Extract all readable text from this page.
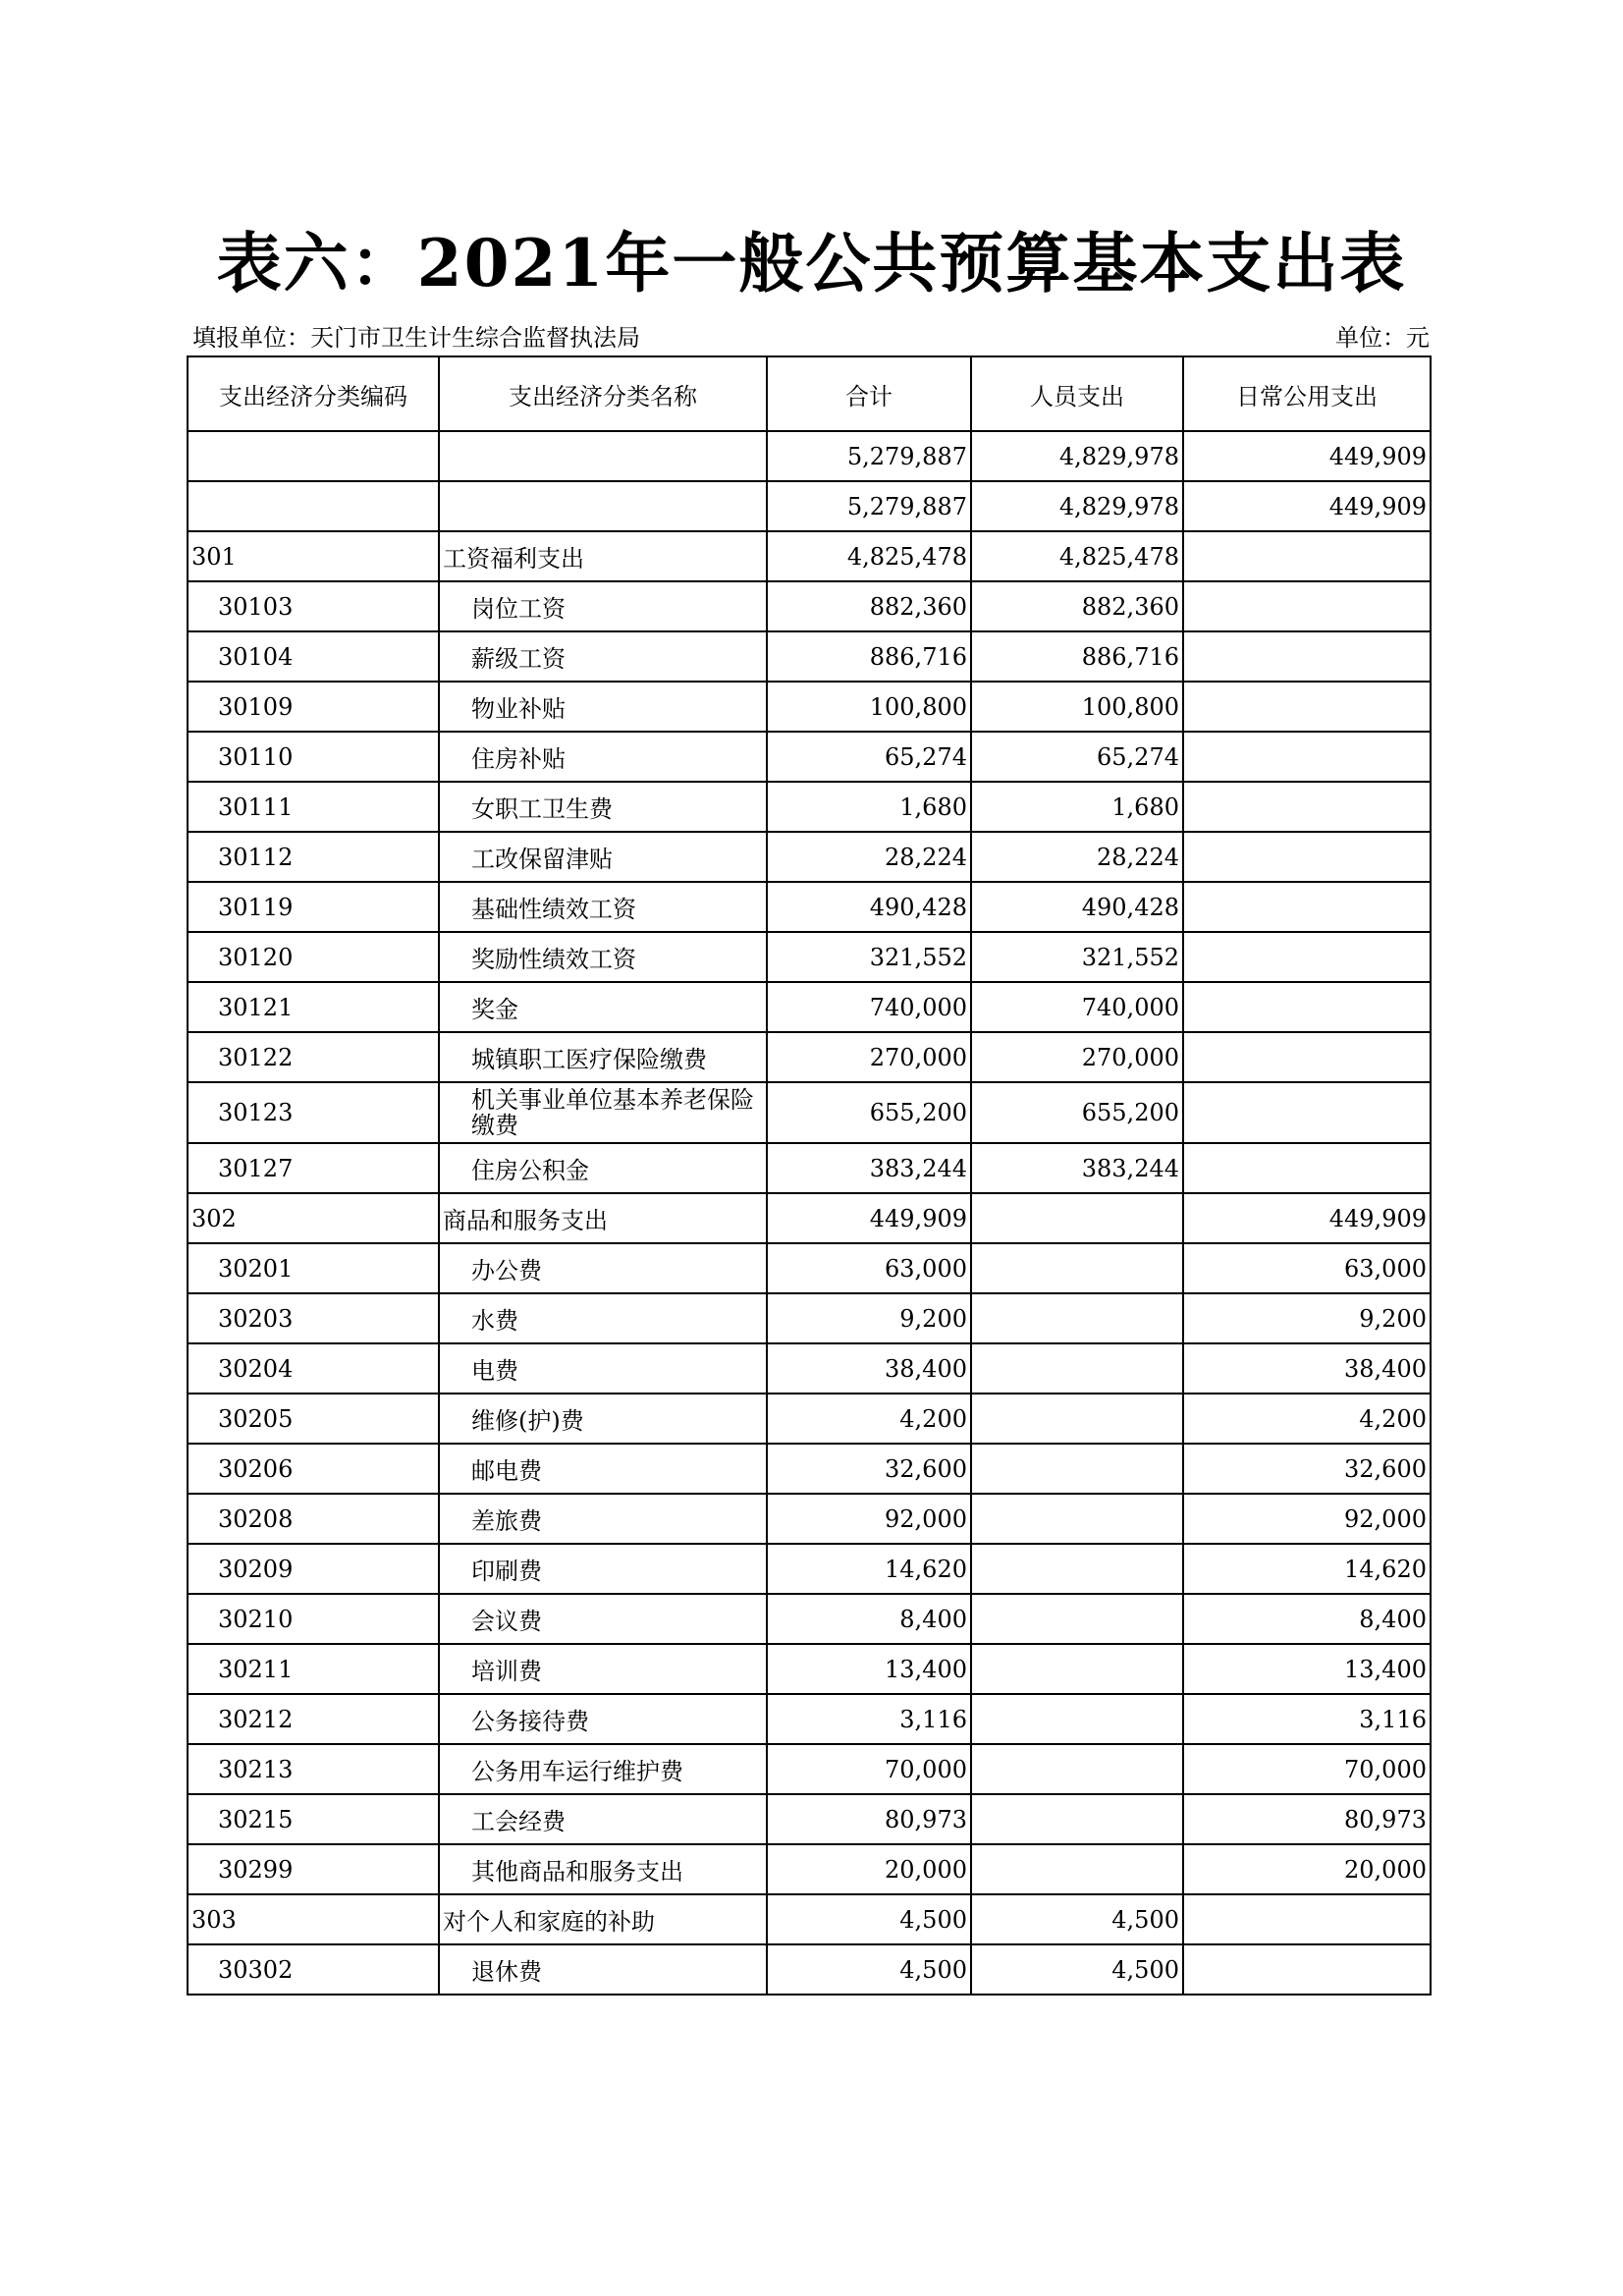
表六：2021年一般公共预算基本支出表
填报单位：天门市卫生计生综合监督执法局	单位：元
支出经济分类编码	支出经济分类名称	合计	人员支出	日常公用支出
		5,279,887	4,829,978	449,909
		5,279,887	4,829,978	449,909
301	工资福利支出	4,825,478	4,825,478	
30103	岗位工资	882,360	882,360	
30104	薪级工资	886,716	886,716	
30109	物业补贴	100,800	100,800	
30110	住房补贴	65,274	65,274	
30111	女职工卫生费	1,680	1,680	
30112	工改保留津贴	28,224	28,224	
30119	基础性绩效工资	490,428	490,428	
30120	奖励性绩效工资	321,552	321,552	
30121	奖金	740,000	740,000	
30122	城镇职工医疗保险缴费	270,000	270,000	
30123	机关事业单位基本养老保险缴费	655,200	655,200	
30127	住房公积金	383,244	383,244	
302	商品和服务支出	449,909		449,909
30201	办公费	63,000		63,000
30203	水费	9,200		9,200
30204	电费	38,400		38,400
30205	维修(护)费	4,200		4,200
30206	邮电费	32,600		32,600
30208	差旅费	92,000		92,000
30209	印刷费	14,620		14,620
30210	会议费	8,400		8,400
30211	培训费	13,400		13,400
30212	公务接待费	3,116		3,116
30213	公务用车运行维护费	70,000		70,000
30215	工会经费	80,973		80,973
30299	其他商品和服务支出	20,000		20,000
303	对个人和家庭的补助	4,500	4,500	
30302	退休费	4,500	4,500	
